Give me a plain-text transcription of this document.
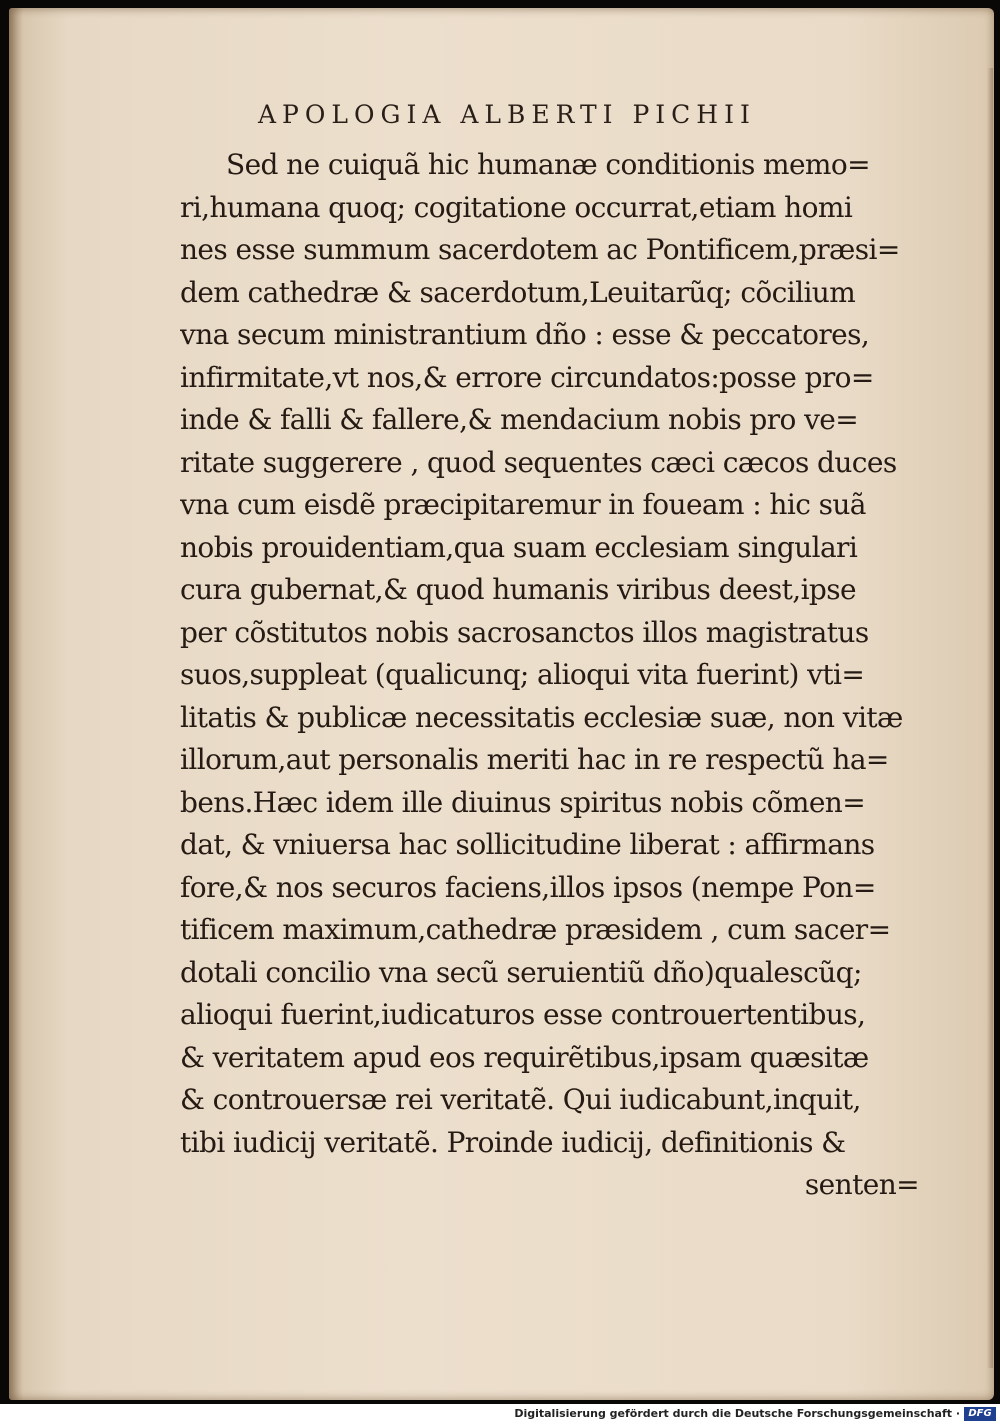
APOLOGIA ALBERTI PICHII
Sed ne cuiquã hic humanæ conditionis memo=
ri,humana quoq; cogitatione occurrat,etiam homi
nes esse summum sacerdotem ac Pontificem,præsi=
dem cathedræ & sacerdotum,Leuitarũq; cõcilium
vna secum ministrantium dño : esse & peccatores,
infirmitate,vt nos,& errore circundatos:posse pro=
inde & falli & fallere,& mendacium nobis pro ve=
ritate suggerere , quod sequentes cæci cæcos duces
vna cum eisdẽ præcipitaremur in foueam : hic suã
nobis prouidentiam,qua suam ecclesiam singulari
cura gubernat,& quod humanis viribus deest,ipse
per cõstitutos nobis sacrosanctos illos magistratus
suos,suppleat (qualicunq; alioqui vita fuerint) vti=
litatis & publicæ necessitatis ecclesiæ suæ, non vitæ
illorum,aut personalis meriti hac in re respectũ ha=
bens.Hæc idem ille diuinus spiritus nobis cõmen=
dat, & vniuersa hac sollicitudine liberat : affirmans
fore,& nos securos faciens,illos ipsos (nempe Pon=
tificem maximum,cathedræ præsidem , cum sacer=
dotali concilio vna secũ seruientiũ dño)qualescũq;
alioqui fuerint,iudicaturos esse controuertentibus,
& veritatem apud eos requirẽtibus,ipsam quæsitæ
& controuersæ rei veritatẽ. Qui iudicabunt,inquit,
tibi iudicij veritatẽ. Proinde iudicij, definitionis &
senten=
Digitalisierung gefördert durch die Deutsche Forschungsgemeinschaft · DFG
